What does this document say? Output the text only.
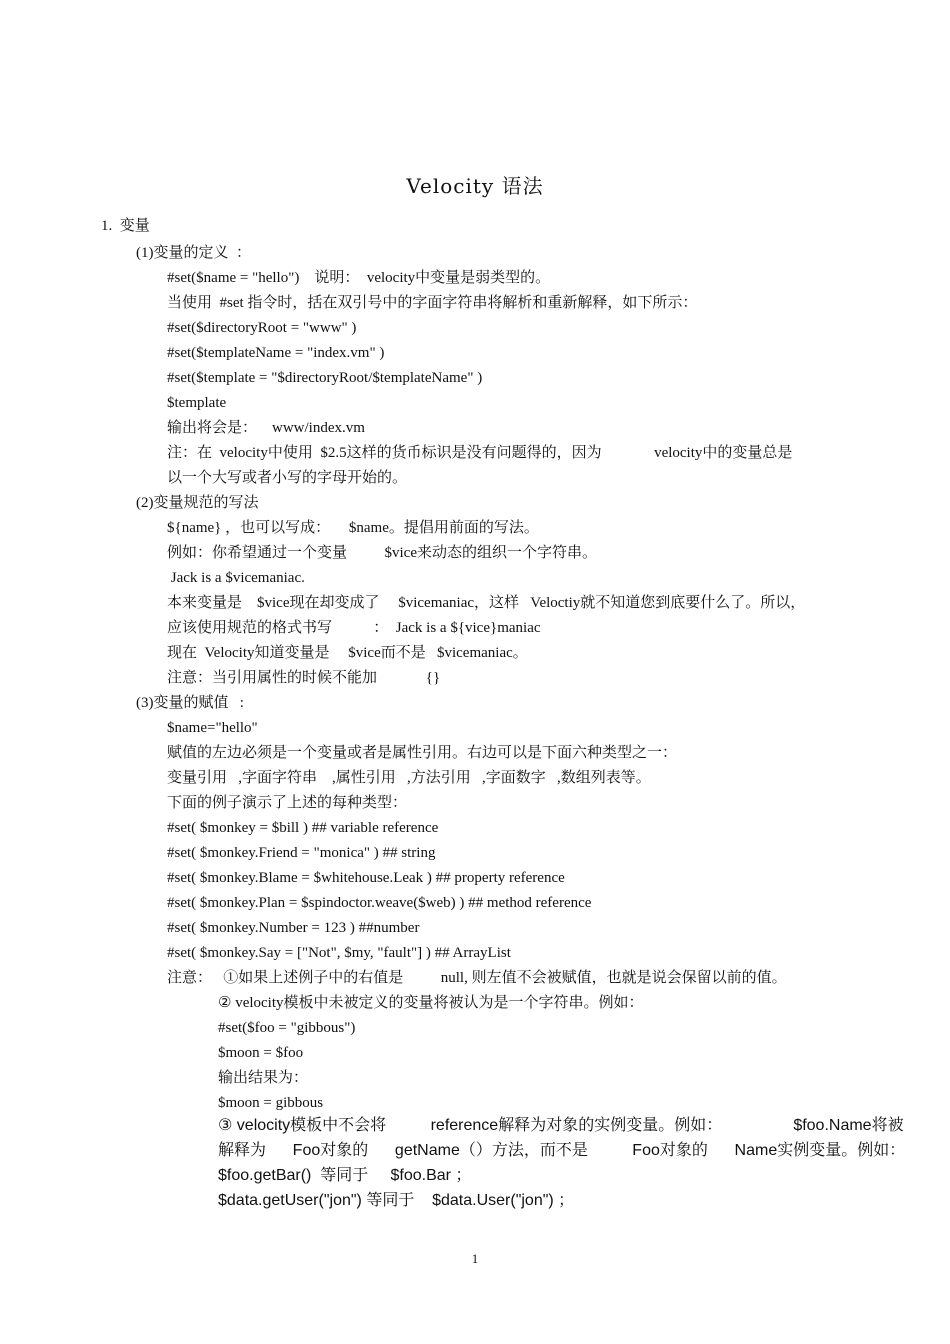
Velocity 语法
1.  变量
(1)变量的定义  ：
#set($name = "hello")    说明：  velocity中变量是弱类型的。
当使用  #set 指令时，括在双引号中的字面字符串将解析和重新解释，如下所示：
#set($directoryRoot = "www" )
#set($templateName = "index.vm" )
#set($template = "$directoryRoot/$templateName" )
$template
输出将会是：    www/index.vm
注：在  velocity中使用  $2.5这样的货币标识是没有问题得的，因为              velocity中的变量总是
以一个大写或者小写的字母开始的。
(2)变量规范的写法
${name} ，也可以写成：     $name。提倡用前面的写法。
例如：你希望通过一个变量          $vice来动态的组织一个字符串。
Jack is a $vicemaniac.
本来变量是    $vice现在却变成了     $vicemaniac，这样   Veloctiy就不知道您到底要什么了。所以，
应该使用规范的格式书写           ：  Jack is a ${vice}maniac
现在  Velocity知道变量是     $vice而不是   $vicemaniac。
注意：当引用属性的时候不能加             {}
(3)变量的赋值   :
$name="hello"
赋值的左边必须是一个变量或者是属性引用。右边可以是下面六种类型之一：
变量引用   ,字面字符串    ,属性引用   ,方法引用   ,字面数字   ,数组列表等。
下面的例子演示了上述的每种类型：
#set( $monkey = $bill ) ## variable reference
#set( $monkey.Friend = "monica" ) ## string
#set( $monkey.Blame = $whitehouse.Leak ) ## property reference
#set( $monkey.Plan = $spindoctor.weave($web) ) ## method reference
#set( $monkey.Number = 123 ) ##number
#set( $monkey.Say = ["Not", $my, "fault"] ) ## ArrayList
注意：   ①如果上述例子中的右值是          null, 则左值不会被赋值，也就是说会保留以前的值。
② velocity模板中未被定义的变量将被认为是一个字符串。例如：
#set($foo = "gibbous")
$moon = $foo
输出结果为：
$moon = gibbous
③ velocity模板中不会将          reference解释为对象的实例变量。例如：                $foo.Name将被
解释为      Foo对象的      getName（）方法，而不是          Foo对象的      Name实例变量。例如：
$foo.getBar()  等同于     $foo.Bar ；
$data.getUser("jon") 等同于    $data.User("jon") ；
1
